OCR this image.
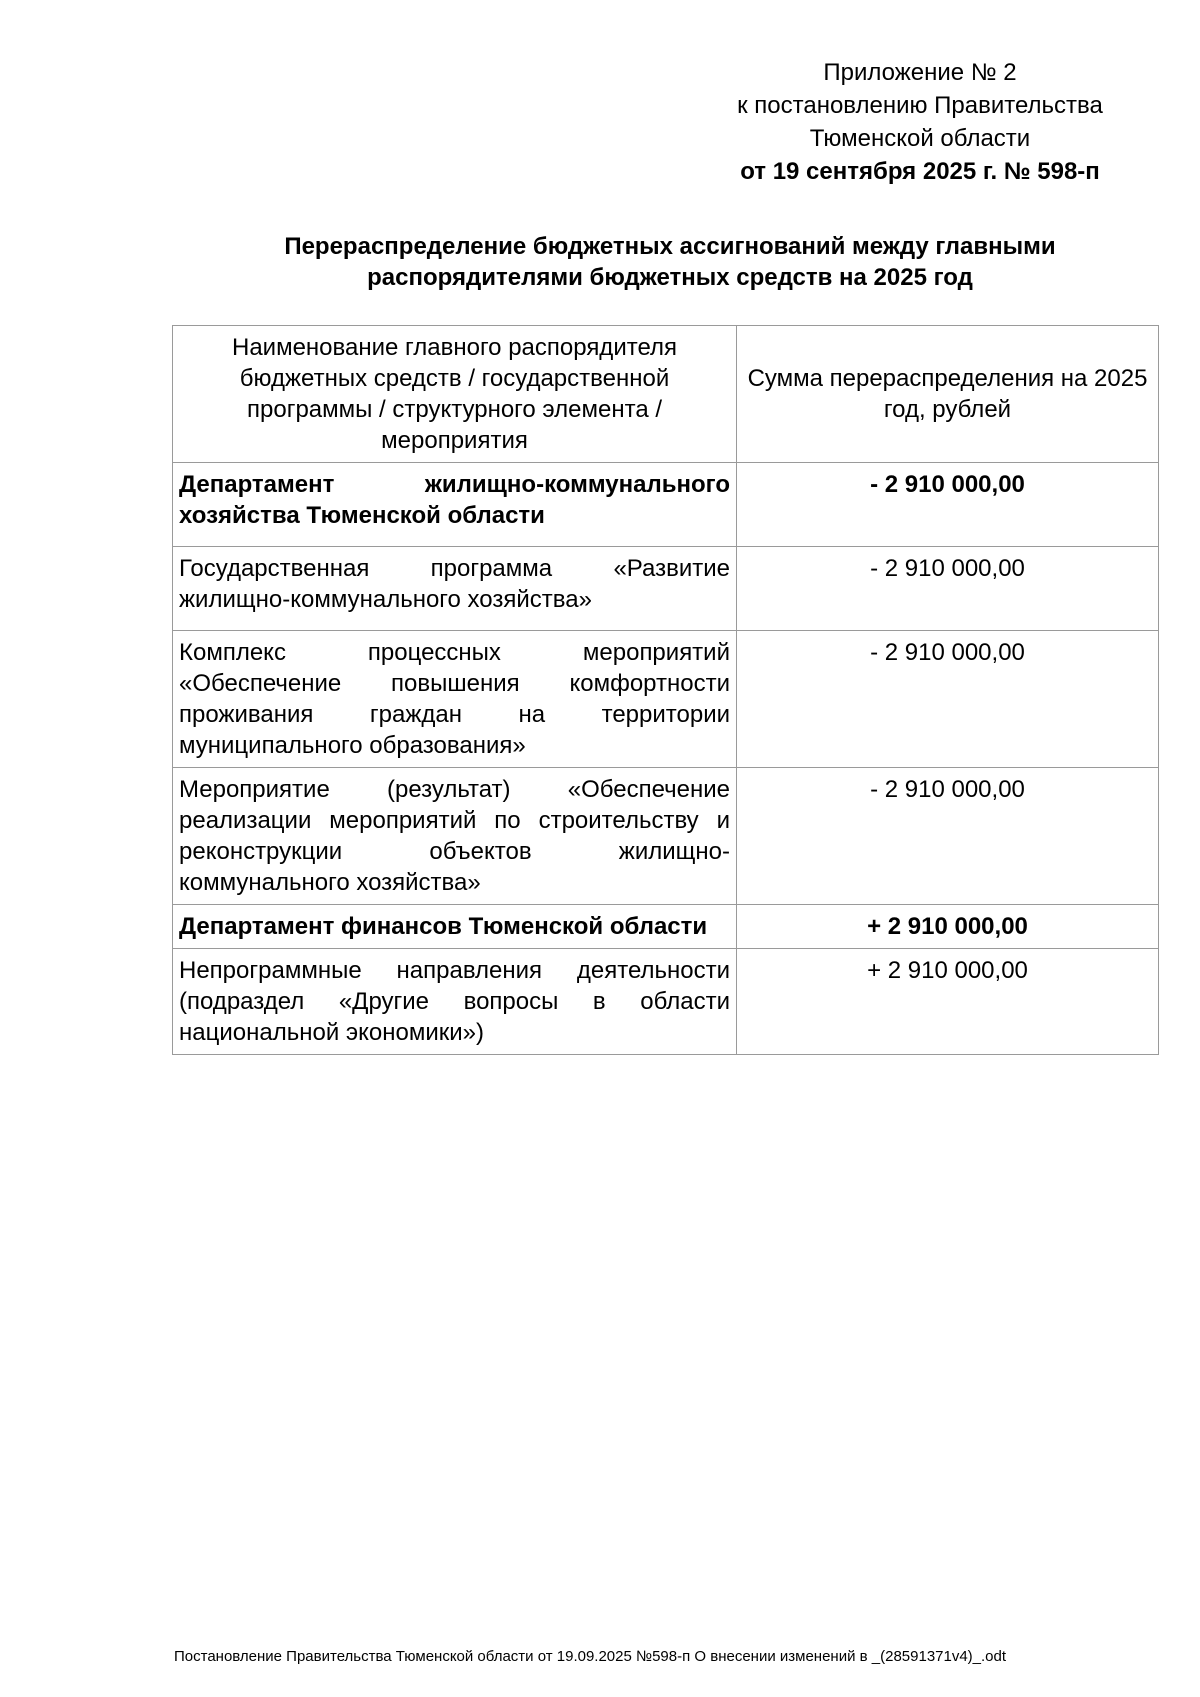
Приложение № 2
к постановлению Правительства
Тюменской области
от 19 сентября 2025 г. № 598-п
Перераспределение бюджетных ассигнований между главными
распорядителями бюджетных средств на 2025 год
Наименование главного распорядителя бюджетных средств / государственной программы / структурного элемента / мероприятия	Сумма перераспределения на 2025 год, рублей
Департамент жилищно-коммунального хозяйства Тюменской области	- 2 910 000,00
Государственная программа «Развитие жилищно-коммунального хозяйства»	- 2 910 000,00
Комплекс процессных мероприятий «Обеспечение повышения комфортности проживания граждан на территории муниципального образования»	- 2 910 000,00
Мероприятие (результат) «Обеспечение реализации мероприятий по строительству и реконструкции объектов жилищно-коммунального хозяйства»	- 2 910 000,00
Департамент финансов Тюменской области	+ 2 910 000,00
Непрограммные направления деятельности (подраздел «Другие вопросы в области национальной экономики»)	+ 2 910 000,00
Постановление Правительства Тюменской области от 19.09.2025 №598-п О внесении изменений в _(28591371v4)_.odt
